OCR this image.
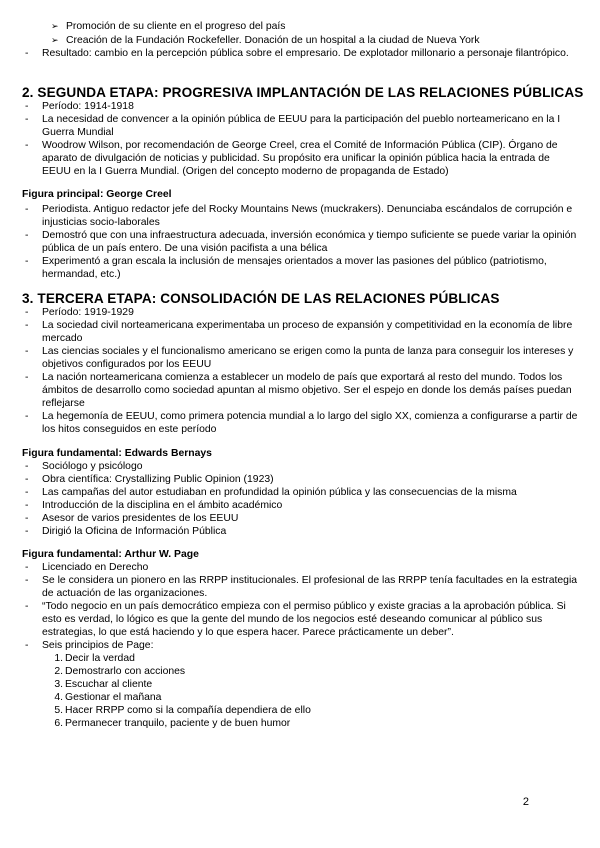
➢ Promoción de su cliente en el progreso del país
➢ Creación de la Fundación Rockefeller. Donación de un hospital a la ciudad de Nueva York
- Resultado: cambio en la percepción pública sobre el empresario. De explotador millonario a personaje filantrópico.
2. SEGUNDA ETAPA: PROGRESIVA IMPLANTACIÓN DE LAS RELACIONES PÚBLICAS
- Período: 1914-1918
- La necesidad de convencer a la opinión pública de EEUU para la participación del pueblo norteamericano en la I Guerra Mundial
- Woodrow Wilson, por recomendación de George Creel, crea el Comité de Información Pública (CIP). Órgano de aparato de divulgación de noticias y publicidad. Su propósito era unificar la opinión pública hacia la entrada de EEUU en la I Guerra Mundial. (Origen del concepto moderno de propaganda de Estado)
Figura principal: George Creel
- Periodista. Antiguo redactor jefe del Rocky Mountains News (muckrakers). Denunciaba escándalos de corrupción e injusticias socio-laborales
- Demostró que con una infraestructura adecuada, inversión económica y tiempo suficiente se puede variar la opinión pública de un país entero. De una visión pacifista a una bélica
- Experimentó a gran escala la inclusión de mensajes orientados a mover las pasiones del público (patriotismo, hermandad, etc.)
3. TERCERA ETAPA: CONSOLIDACIÓN DE LAS RELACIONES PÚBLICAS
- Período: 1919-1929
- La sociedad civil norteamericana experimentaba un proceso de expansión y competitividad en la economía de libre mercado
- Las ciencias sociales y el funcionalismo americano se erigen como la punta de lanza para conseguir los intereses y objetivos configurados por los EEUU
- La nación norteamericana comienza a establecer un modelo de país que exportará al resto del mundo. Todos los ámbitos de desarrollo como sociedad apuntan al mismo objetivo. Ser el espejo en donde los demás países puedan reflejarse
- La hegemonía de EEUU, como primera potencia mundial a lo largo del siglo XX, comienza a configurarse a partir de los hitos conseguidos en este período
Figura fundamental: Edwards Bernays
- Sociólogo y psicólogo
- Obra científica: Crystallizing Public Opinion (1923)
- Las campañas del autor estudiaban en profundidad la opinión pública y las consecuencias de la misma
- Introducción de la disciplina en el ámbito académico
- Asesor de varios presidentes de los EEUU
- Dirigió la Oficina de Información Pública
Figura fundamental: Arthur W. Page
- Licenciado en Derecho
- Se le considera un pionero en las RRPP institucionales. El profesional de las RRPP tenía facultades en la estrategia de actuación de las organizaciones.
- “Todo negocio en un país democrático empieza con el permiso público y existe gracias a la aprobación pública. Si esto es verdad, lo lógico es que la gente del mundo de los negocios esté deseando comunicar al público sus estrategias, lo que está haciendo y lo que espera hacer. Parece prácticamente un deber”.
- Seis principios de Page:
1. Decir la verdad
2. Demostrarlo con acciones
3. Escuchar al cliente
4. Gestionar el mañana
5. Hacer RRPP como si la compañía dependiera de ello
6. Permanecer tranquilo, paciente y de buen humor
2
